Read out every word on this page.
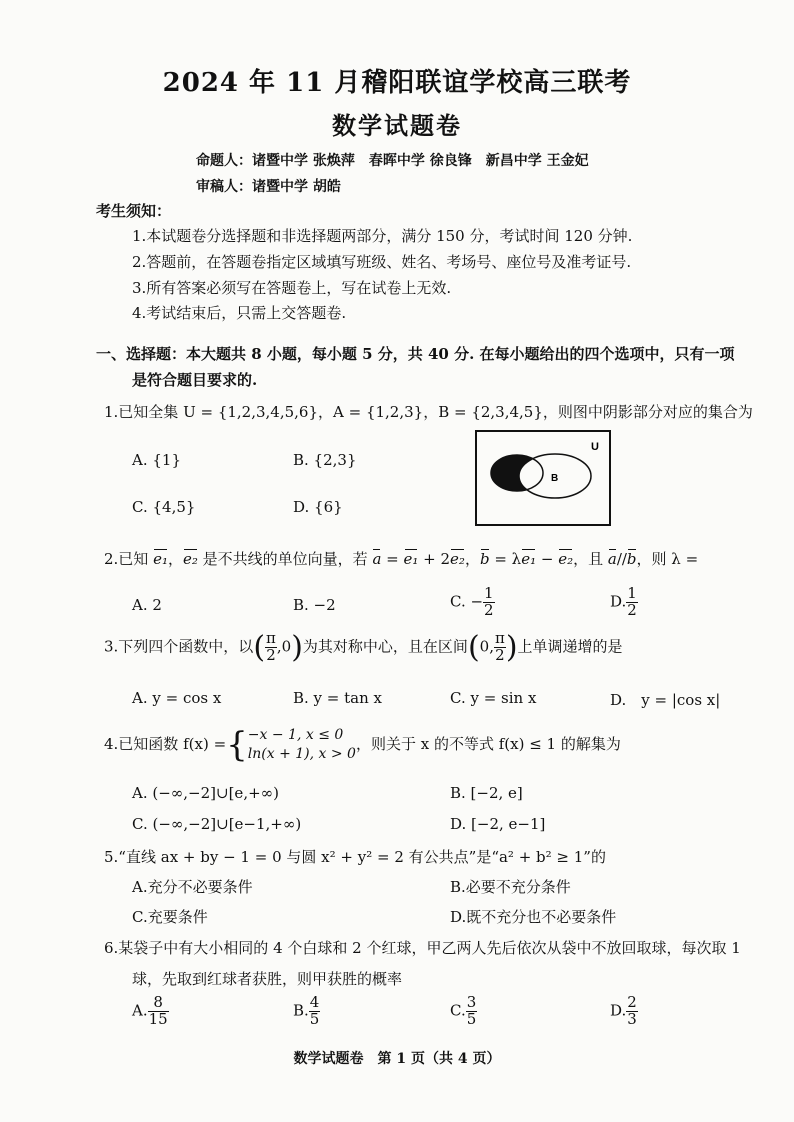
2024 年 11 月稽阳联谊学校高三联考
数学试题卷
命题人：诸暨中学 张焕萍　春晖中学 徐良锋　新昌中学 王金妃
审稿人：诸暨中学 胡皓
考生须知：
1.本试题卷分选择题和非选择题两部分，满分 150 分，考试时间 120 分钟.
2.答题前，在答题卷指定区域填写班级、姓名、考场号、座位号及准考证号.
3.所有答案必须写在答题卷上，写在试卷上无效.
4.考试结束后，只需上交答题卷.
一、选择题：本大题共 8 小题，每小题 5 分，共 40 分. 在每小题给出的四个选项中，只有一项
是符合题目要求的.
1.已知全集 U = {1,2,3,4,5,6}，A = {1,2,3}，B = {2,3,4,5}，则图中阴影部分对应的集合为
A. {1}	B. {2,3}
C. {4,5}	D. {6}
U
B
2.已知 e₁，e₂ 是不共线的单位向量，若 a = e₁ + 2e₂，b = λe₁ − e₂，且 a//b，则 λ =
A. 2	B. −2	C. − $\frac{1}{2}$	D. $\frac{1}{2}$
3.下列四个函数中，以( $\frac{\pi}{2} ,0$)为其对称中心，且在区间(0, $\frac{\pi}{2}$ )上单调递增的是
A. y = cos x	B. y = tan x	C. y = sin x	D.　y = |cos x|
4.已知函数 f(x) ={ −x − 1, x ≤ 0
ln(x + 1), x > 0
，则关于 x 的不等式 f(x) ≤ 1 的解集为
A. (−∞,−2]∪[e,+∞)	B. [−2, e]
C. (−∞,−2]∪[e−1,+∞)	D. [−2, e−1]
5.“直线 ax + by − 1 = 0 与圆 x² + y² = 2 有公共点”是“a² + b² ≥ 1”的
A.充分不必要条件	B.必要不充分条件
C.充要条件	D.既不充分也不必要条件
6.某袋子中有大小相同的 4 个白球和 2 个红球，甲乙两人先后依次从袋中不放回取球，每次取 1
球，先取到红球者获胜，则甲获胜的概率
A. $\frac{8}{15}$	B. $\frac{4}{5}$	C. $\frac{3}{5}$	D. $\frac{2}{3}$
数学试题卷　第 1 页（共 4 页）
